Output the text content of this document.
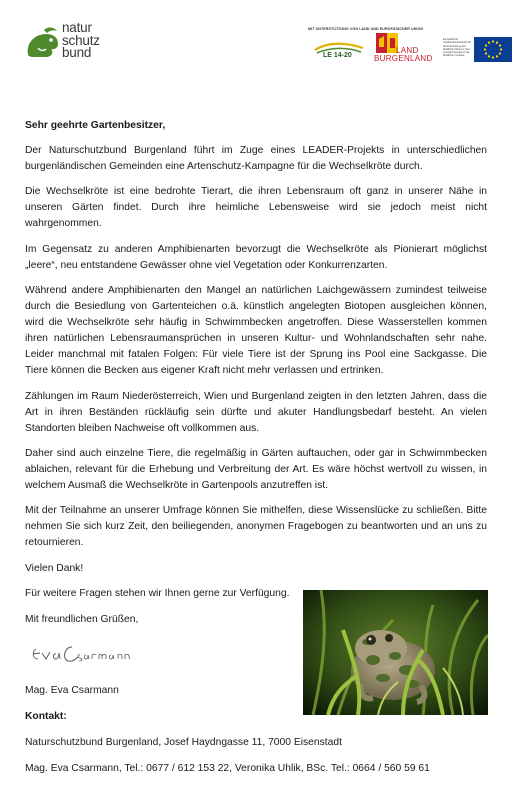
natur
schutz
bund
MIT UNTERSTÜTZUNG VON LAND UND EUROPÄISCHER UNION
LE 14-20
LAND
BURGENLAND
Europäischer Landwirtschaftsfonds für die Entwicklung des ländlichen Raums: Hier investiert Europa in die ländlichen Gebiete

Sehr geehrte Gartenbesitzer,

Der Naturschutzbund Burgenland führt im Zuge eines LEADER-Projekts in unterschiedlichen burgenländischen Gemeinden eine Artenschutz-Kampagne für die Wechselkröte durch.

Die Wechselkröte ist eine bedrohte Tierart, die ihren Lebensraum oft ganz in unserer Nähe in unseren Gärten findet. Durch ihre heimliche Lebensweise wird sie jedoch meist nicht wahrgenommen.

Im Gegensatz zu anderen Amphibienarten bevorzugt die Wechselkröte als Pionierart möglichst „leere“, neu entstandene Gewässer ohne viel Vegetation oder Konkurrenzarten.

Während andere Amphibienarten den Mangel an natürlichen Laichgewässern zumindest teilweise durch die Besiedlung von Gartenteichen o.ä. künstlich angelegten Biotopen ausgleichen können, wird die Wechselkröte sehr häufig in Schwimmbecken angetroffen. Diese Wasserstellen kommen ihren natürlichen Lebensraumansprüchen in unseren Kultur- und Wohnlandschaften sehr nahe. Leider manchmal mit fatalen Folgen: Für viele Tiere ist der Sprung ins Pool eine Sackgasse. Die Tiere können die Becken aus eigener Kraft nicht mehr verlassen und ertrinken.

Zählungen im Raum Niederösterreich, Wien und Burgenland zeigten in den letzten Jahren, dass die Art in ihren Beständen rückläufig sein dürfte und akuter Handlungsbedarf besteht. An vielen Standorten bleiben Nachweise oft vollkommen aus.

Daher sind auch einzelne Tiere, die regelmäßig in Gärten auftauchen, oder gar in Schwimmbecken ablaichen, relevant für die Erhebung und Verbreitung der Art. Es wäre höchst wertvoll zu wissen, in welchem Ausmaß die Wechselkröte in Gartenpools anzutreffen ist.

Mit der Teilnahme an unserer Umfrage können Sie mithelfen, diese Wissenslücke zu schließen. Bitte nehmen Sie sich kurz Zeit, den beiliegenden, anonymen Fragebogen zu beantworten und an uns zu retournieren.

Vielen Dank!

Für weitere Fragen stehen wir Ihnen gerne zur Verfügung.

Mit freundlichen Grüßen,

Mag. Eva Csarmann

Kontakt:

Naturschutzbund Burgenland, Josef Haydngasse 11, 7000 Eisenstadt

Mag. Eva Csarmann, Tel.: 0677 / 612 153 22, Veronika Uhlik, BSc. Tel.: 0664 / 560 59 61
